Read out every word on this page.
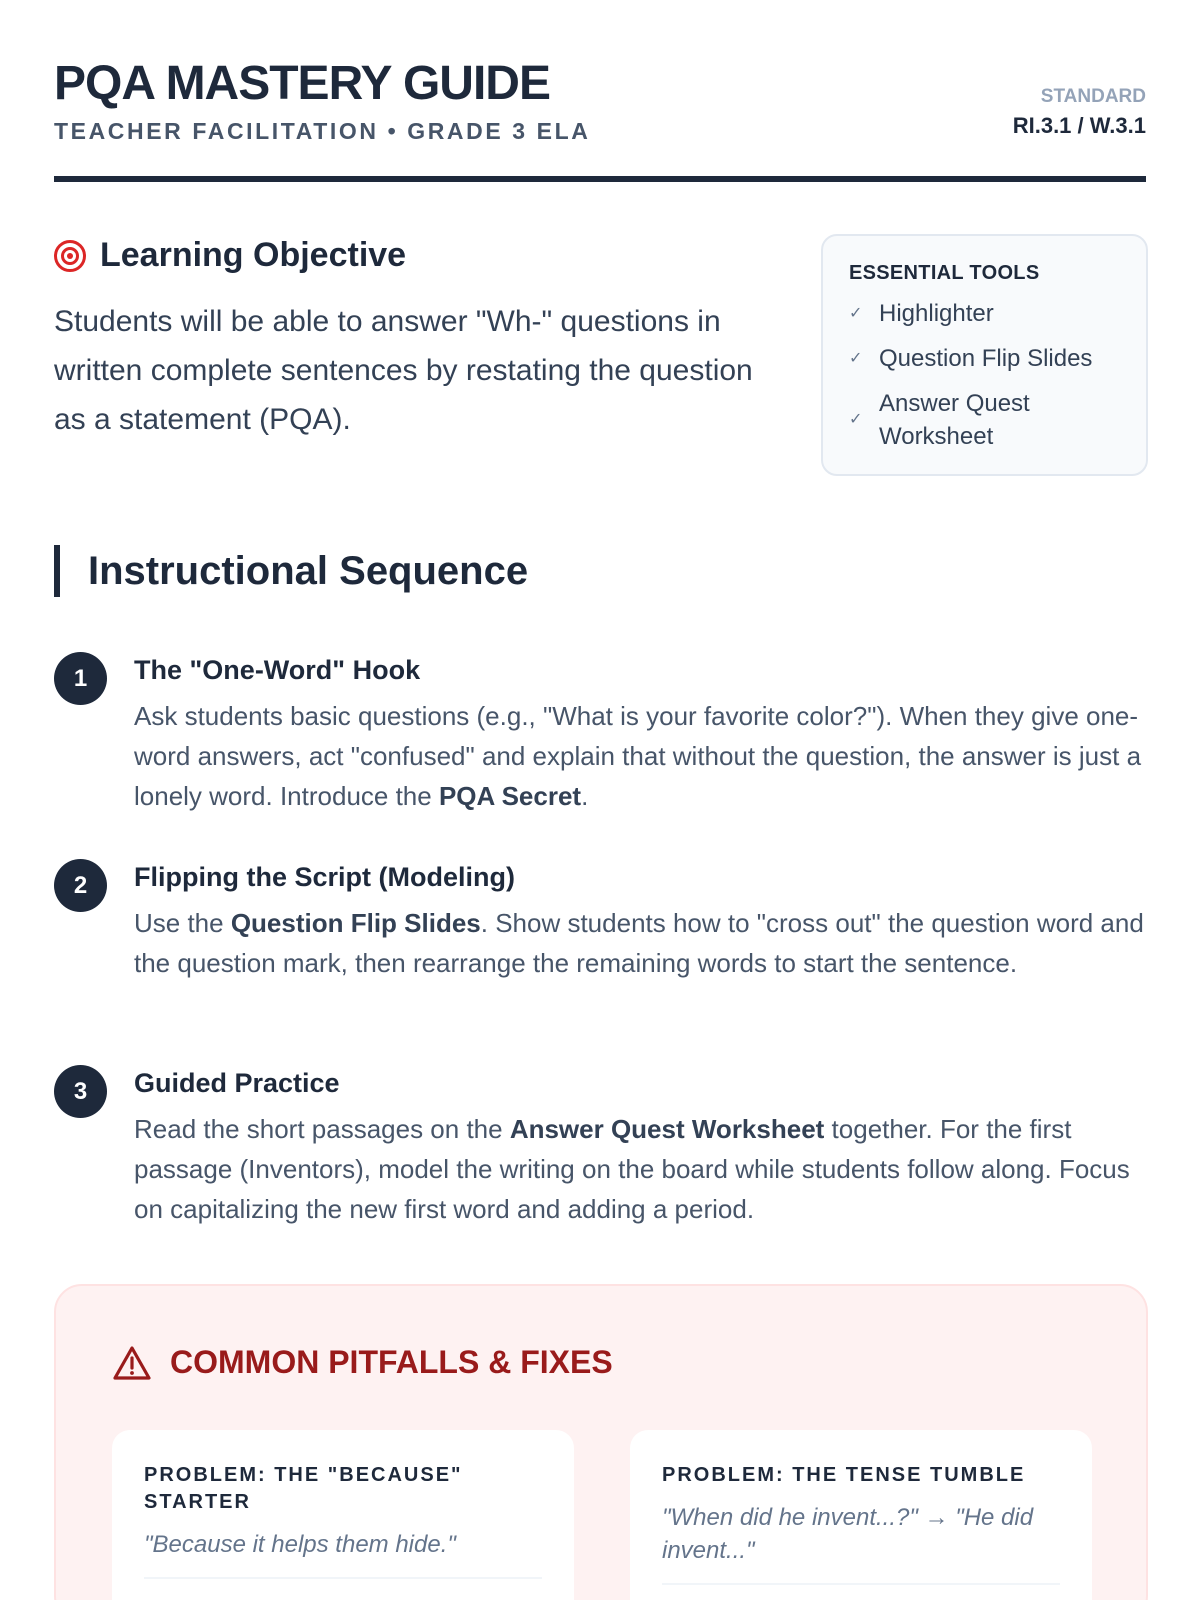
PQA MASTERY GUIDE
TEACHER FACILITATION • GRADE 3 ELA
STANDARD
RI.3.1 / W.3.1
Learning Objective
Students will be able to answer "Wh-" questions in written complete sentences by restating the question as a statement (PQA).
ESSENTIAL TOOLS
✓ Highlighter
✓ Question Flip Slides
✓
Answer Quest Worksheet
Instructional Sequence
1	The "One-Word" Hook
Ask students basic questions (e.g., "What is your favorite color?"). When they give one-word answers, act "confused" and explain that without the question, the answer is just a lonely word. Introduce the PQA Secret.
2	Flipping the Script (Modeling)
Use the Question Flip Slides. Show students how to "cross out" the question word and the question mark, then rearrange the remaining words to start the sentence.
3	Guided Practice
Read the short passages on the Answer Quest Worksheet together. For the first passage (Inventors), model the writing on the board while students follow along. Focus on capitalizing the new first word and adding a period.
COMMON PITFALLS & FIXES
PROBLEM: THE "BECAUSE" STARTER
"Because it helps them hide."
PROBLEM: THE TENSE TUMBLE
"When did he invent...?" → "He did invent..."
